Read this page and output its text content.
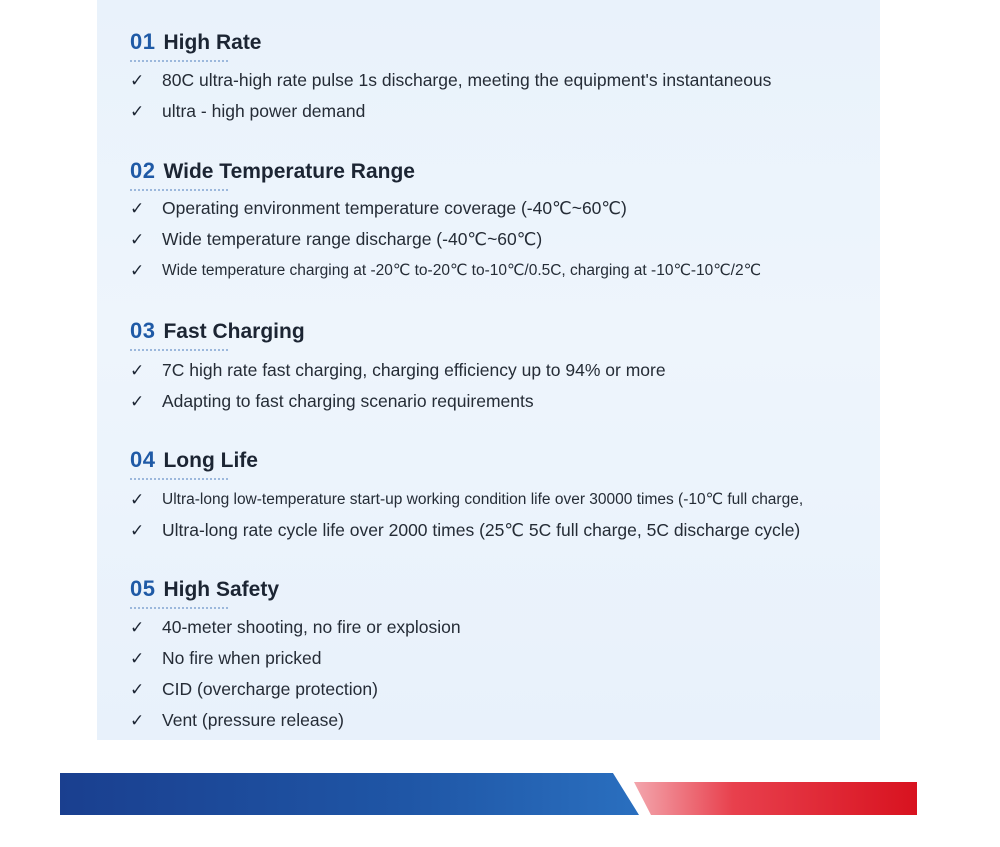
01 High Rate
✓	80C ultra-high rate pulse 1s discharge, meeting the equipment's instantaneous
✓	ultra - high power demand
02 Wide Temperature Range
✓	Operating environment temperature coverage (-40℃~60℃)
✓	Wide temperature range discharge (-40℃~60℃)
✓	Wide temperature charging at -20℃ to-20℃ to-10℃/0.5C, charging at -10℃-10℃/2℃
03 Fast Charging
✓	7C high rate fast charging, charging efficiency up to 94% or more
✓	Adapting to fast charging scenario requirements
04 Long Life
✓	Ultra-long low-temperature start-up working condition life over 30000 times (-10℃ full charge,
✓	Ultra-long rate cycle life over 2000 times (25℃ 5C full charge, 5C discharge cycle)
05 High Safety
✓	40-meter shooting, no fire or explosion
✓	No fire when pricked
✓	CID (overcharge protection)
✓	Vent (pressure release)
